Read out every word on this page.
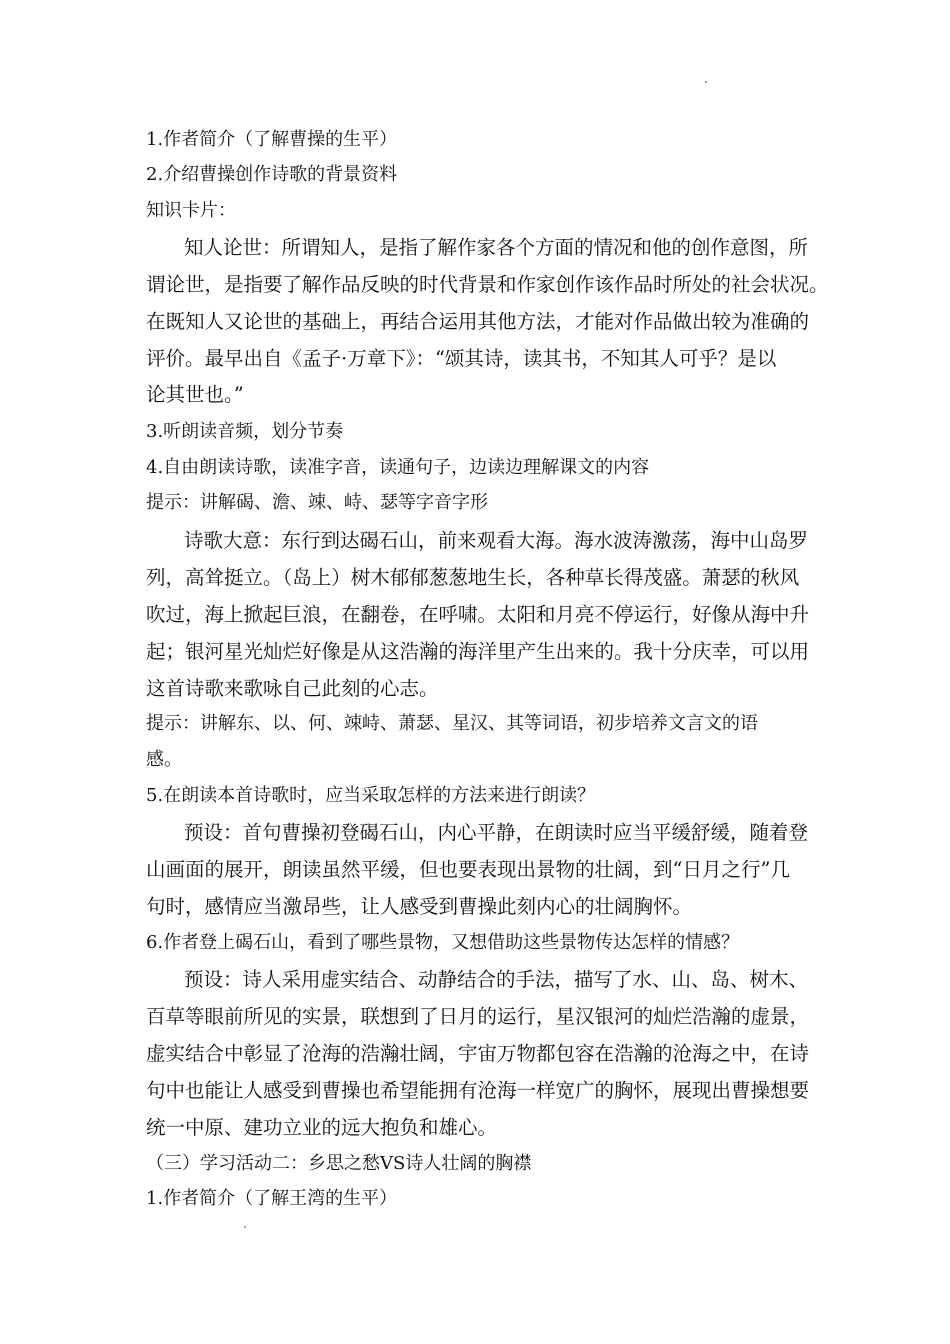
1.作者简介（了解曹操的生平）
2.介绍曹操创作诗歌的背景资料
知识卡片：
知人论世：所谓知人，是指了解作家各个方面的情况和他的创作意图，所
谓论世，是指要了解作品反映的时代背景和作家创作该作品时所处的社会状况。
在既知人又论世的基础上，再结合运用其他方法，才能对作品做出较为准确的
评价。最早出自《孟子·万章下》：“颂其诗，读其书，不知其人可乎？是以
论其世也。”
3.听朗读音频，划分节奏
4.自由朗读诗歌，读准字音，读通句子，边读边理解课文的内容
提示：讲解碣、澹、竦、峙、瑟等字音字形
诗歌大意：东行到达碣石山，前来观看大海。海水波涛激荡，海中山岛罗
列，高耸挺立。（岛上）树木郁郁葱葱地生长，各种草长得茂盛。萧瑟的秋风
吹过，海上掀起巨浪，在翻卷，在呼啸。太阳和月亮不停运行，好像从海中升
起；银河星光灿烂好像是从这浩瀚的海洋里产生出来的。我十分庆幸，可以用
这首诗歌来歌咏自己此刻的心志。
提示：讲解东、以、何、竦峙、萧瑟、星汉、其等词语，初步培养文言文的语
感。
5.在朗读本首诗歌时，应当采取怎样的方法来进行朗读？
预设：首句曹操初登碣石山，内心平静，在朗读时应当平缓舒缓，随着登
山画面的展开，朗读虽然平缓，但也要表现出景物的壮阔，到“日月之行”几
句时，感情应当激昂些，让人感受到曹操此刻内心的壮阔胸怀。
6.作者登上碣石山，看到了哪些景物，又想借助这些景物传达怎样的情感？
预设：诗人采用虚实结合、动静结合的手法，描写了水、山、岛、树木、
百草等眼前所见的实景，联想到了日月的运行，星汉银河的灿烂浩瀚的虚景，
虚实结合中彰显了沧海的浩瀚壮阔，宇宙万物都包容在浩瀚的沧海之中，在诗
句中也能让人感受到曹操也希望能拥有沧海一样宽广的胸怀，展现出曹操想要
统一中原、建功立业的远大抱负和雄心。
（三）学习活动二：乡思之愁VS诗人壮阔的胸襟
1.作者简介（了解王湾的生平）
